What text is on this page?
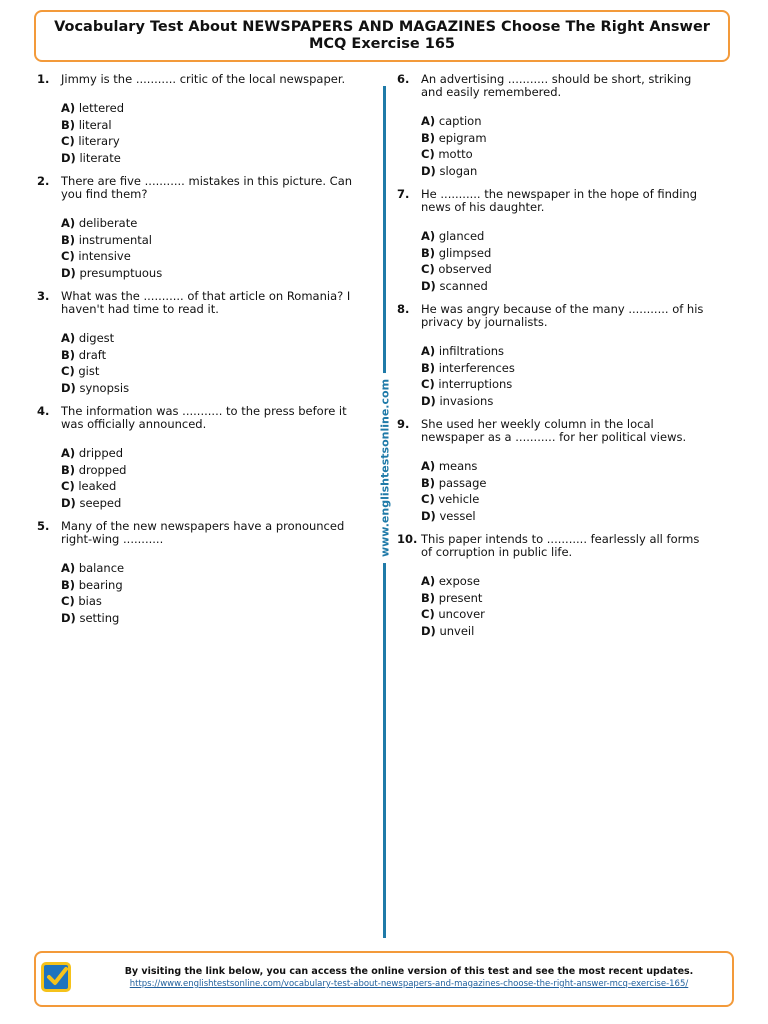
Vocabulary Test About NEWSPAPERS AND MAGAZINES Choose The Right Answer MCQ Exercise 165
1. Jimmy is the ........... critic of the local newspaper.
A) lettered
B) literal
C) literary
D) literate
2. There are five ........... mistakes in this picture. Can you find them?
A) deliberate
B) instrumental
C) intensive
D) presumptuous
3. What was the ........... of that article on Romania? I haven't had time to read it.
A) digest
B) draft
C) gist
D) synopsis
4. The information was ........... to the press before it was officially announced.
A) dripped
B) dropped
C) leaked
D) seeped
5. Many of the new newspapers have a pronounced right-wing ...........
A) balance
B) bearing
C) bias
D) setting
www.englishtestsonline.com
6. An advertising ........... should be short, striking and easily remembered.
A) caption
B) epigram
C) motto
D) slogan
7. He ........... the newspaper in the hope of finding news of his daughter.
A) glanced
B) glimpsed
C) observed
D) scanned
8. He was angry because of the many ........... of his privacy by journalists.
A) infiltrations
B) interferences
C) interruptions
D) invasions
9. She used her weekly column in the local newspaper as a ........... for her political views.
A) means
B) passage
C) vehicle
D) vessel
10. This paper intends to ........... fearlessly all forms of corruption in public life.
A) expose
B) present
C) uncover
D) unveil
By visiting the link below, you can access the online version of this test and see the most recent updates.
https://www.englishtestsonline.com/vocabulary-test-about-newspapers-and-magazines-choose-the-right-answer-mcq-exercise-165/
